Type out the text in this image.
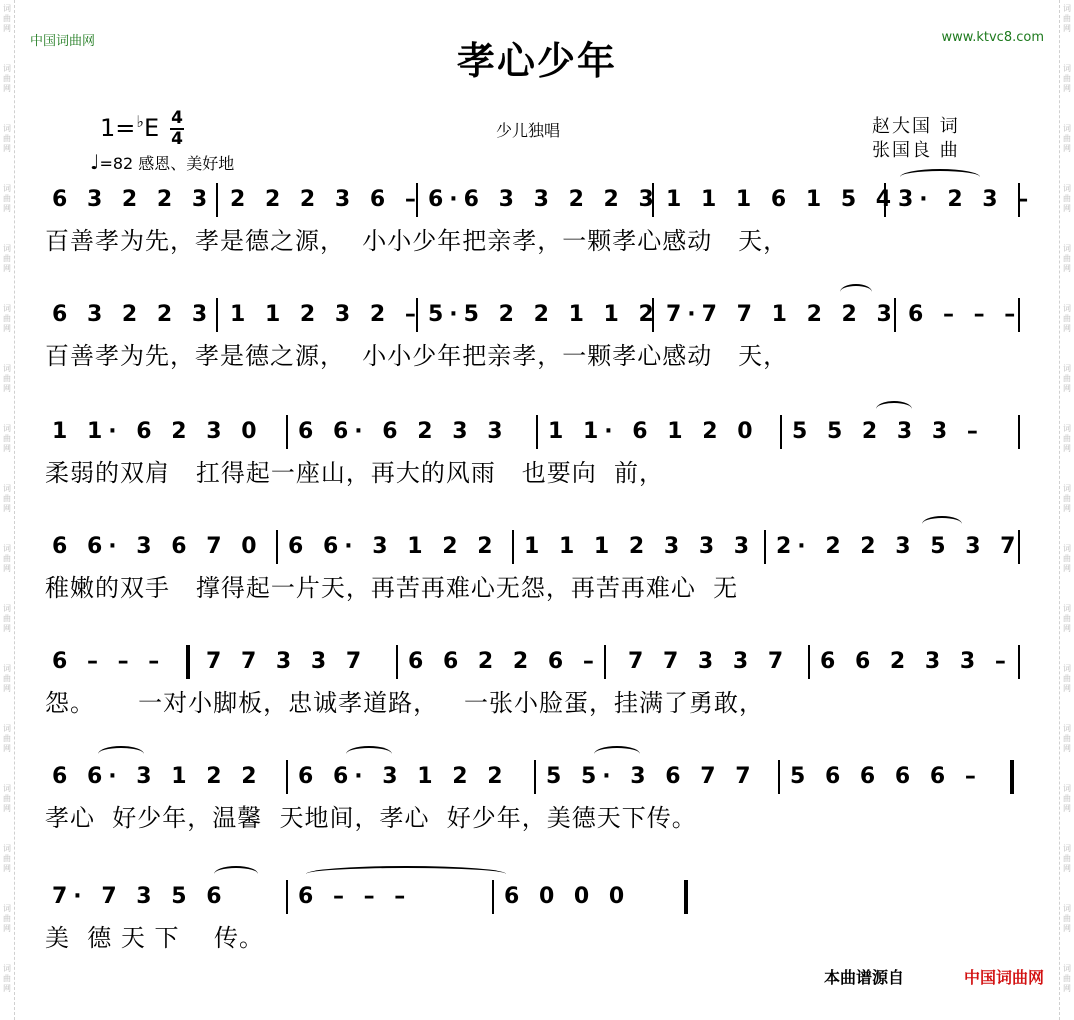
词
曲
网
词
曲
网
词
曲
网
词
曲
网
词
曲
网
词
曲
网
词
曲
网
词
曲
网
词
曲
网
词
曲
网
词
曲
网
词
曲
网
词
曲
网
词
曲
网
词
曲
网
词
曲
网
词
曲
网
词
曲
网
词
曲
网
词
曲
网
词
曲
网
词
曲
网
词
曲
网
词
曲
网
词
曲
网
词
曲
网
词
曲
网
词
曲
网
词
曲
网
词
曲
网
词
曲
网
词
曲
网
词
曲
网
词
曲
网
中国词曲网	孝心少年
www.ktvc8.com
1=♭E 4
4
♩=82 感恩、美好地
少儿独唱	赵大国 词
张国良 曲
6 3 2 2 3 2 2 2 3 6 – 6·6 3 3 2 2 3 1 1 1 6 1 5 4 3· 2 3 –
百善孝为先，孝是德之源，  小小少年把亲孝，一颗孝心感动   天，
6 3 2 2 3 1 1 2 3 2 – 5·5 2 2 1 1 2 7·7 7 1 2 2 3 6 – – –
百善孝为先，孝是德之源，  小小少年把亲孝，一颗孝心感动   天，
1 1· 6 2 3 0 6 6· 6 2 3 3 1 1· 6 1 2 0 5 5 2 3 3 –
柔弱的双肩   扛得起一座山，再大的风雨   也要向  前，
6 6· 3 6 7 0 6 6· 3 1 2 2 1 1 1 2 3 3 3 2· 2 2 3 5 3 7
稚嫩的双手   撑得起一片天，再苦再难心无怨，再苦再难心  无
6 – – – 7 7 3 3 7 6 6 2 2 6 – 7 7 3 3 7 6 6 2 3 3 –
怨。     一对小脚板，忠诚孝道路，   一张小脸蛋，挂满了勇敢，
6 6· 3 1 2 2 6 6· 3 1 2 2 5 5· 3 6 7 7 5 6 6 6 6 –
孝心  好少年，温馨  天地间，孝心  好少年，美德天下传。
7· 7 3 5 6	6 – – –	6 0 0 0
美  德 天 下    传。
本曲谱源自	中国词曲网
